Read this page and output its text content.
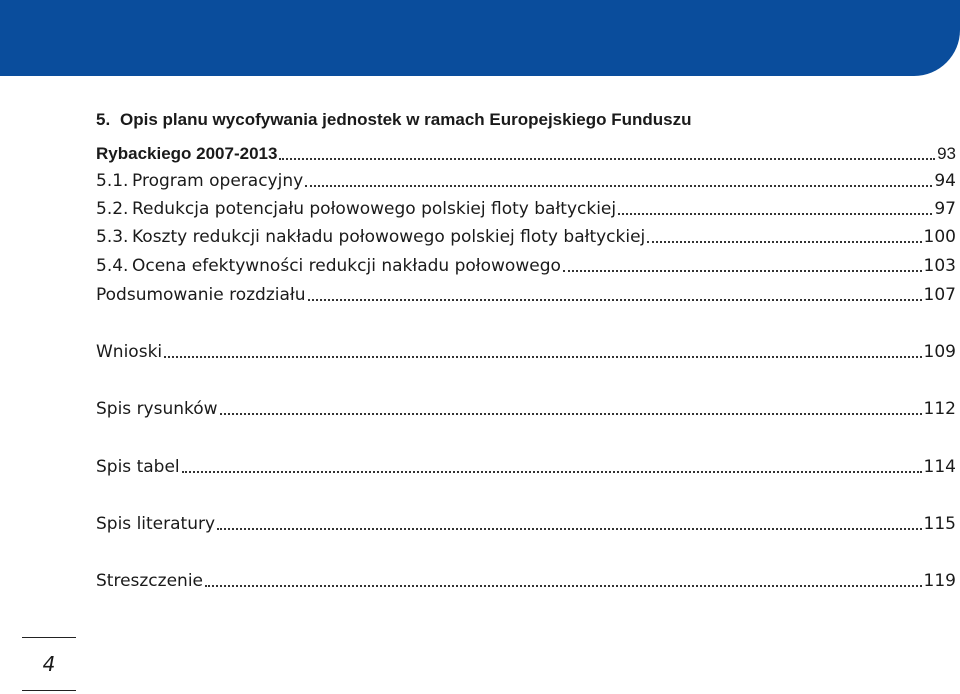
5. Opis planu wycofywania jednostek w ramach Europejskiego Funduszu
Rybackiego 2007-2013	93
5.1. Program operacyjny	94
5.2. Redukcja potencjału połowowego polskiej floty bałtyckiej	97
5.3. Koszty redukcji nakładu połowowego polskiej floty bałtyckiej	100
5.4. Ocena efektywności redukcji nakładu połowowego	103
Podsumowanie rozdziału	107
Wnioski	109
Spis rysunków	112
Spis tabel	114
Spis literatury	115
Streszczenie	119
4
